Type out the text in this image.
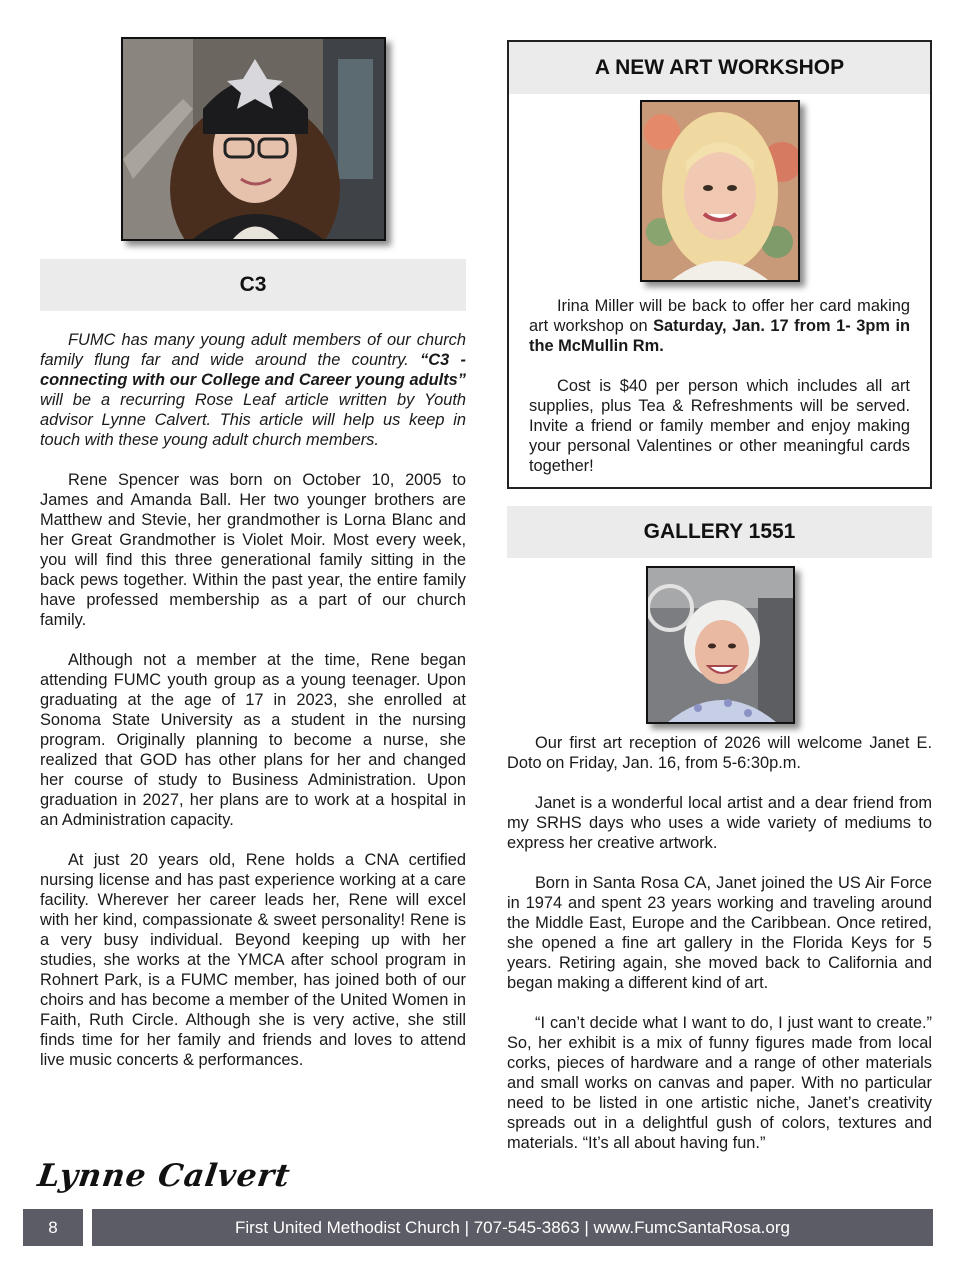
C3

FUMC has many young adult members of our church family flung far and wide around the country. “C3 - connecting with our College and Career young adults” will be a recurring Rose Leaf article written by Youth advisor Lynne Calvert. This article will help us keep in touch with these young adult church members.

Rene Spencer was born on October 10, 2005 to James and Amanda Ball. Her two younger brothers are Matthew and Stevie, her grandmother is Lorna Blanc and her Great Grandmother is Violet Moir. Most every week, you will find this three generational family sitting in the back pews together. Within the past year, the entire family have professed membership as a part of our church family.

Although not a member at the time, Rene began attending FUMC youth group as a young teenager. Upon graduating at the age of 17 in 2023, she enrolled at Sonoma State University as a student in the nursing program. Originally planning to become a nurse, she realized that GOD has other plans for her and changed her course of study to Business Administration. Upon graduation in 2027, her plans are to work at a hospital in an Administration capacity.

At just 20 years old, Rene holds a CNA certified nursing license and has past experience working at a care facility. Wherever her career leads her, Rene will excel with her kind, compassionate & sweet personality! Rene is a very busy individual. Beyond keeping up with her studies, she works at the YMCA after school program in Rohnert Park, is a FUMC member, has joined both of our choirs and has become a member of the United Women in Faith, Ruth Circle. Although she is very active, she still finds time for her family and friends and loves to attend live music concerts & performances.

Lynne Calvert
A NEW ART WORKSHOP

Irina Miller will be back to offer her card making art workshop on Saturday, Jan. 17 from 1- 3pm in the McMullin Rm.

Cost is $40 per person which includes all art supplies, plus Tea & Refreshments will be served. Invite a friend or family member and enjoy making your personal Valentines or other meaningful cards together!

GALLERY 1551

Our first art reception of 2026 will welcome Janet E. Doto on Friday, Jan. 16, from 5-6:30p.m.

Janet is a wonderful local artist and a dear friend from my SRHS days who uses a wide variety of mediums to express her creative artwork.

Born in Santa Rosa CA, Janet joined the US Air Force in 1974 and spent 23 years working and traveling around the Middle East, Europe and the Caribbean. Once retired, she opened a fine art gallery in the Florida Keys for 5 years. Retiring again, she moved back to California and began making a different kind of art.

“I can’t decide what I want to do, I just want to create.” So, her exhibit is a mix of funny figures made from local corks, pieces of hardware and a range of other materials and small works on canvas and paper. With no particular need to be listed in one artistic niche, Janet’s creativity spreads out in a delightful gush of colors, textures and materials. “It’s all about having fun.”

8	First United Methodist Church | 707-545-3863 | www.FumcSantaRosa.org
